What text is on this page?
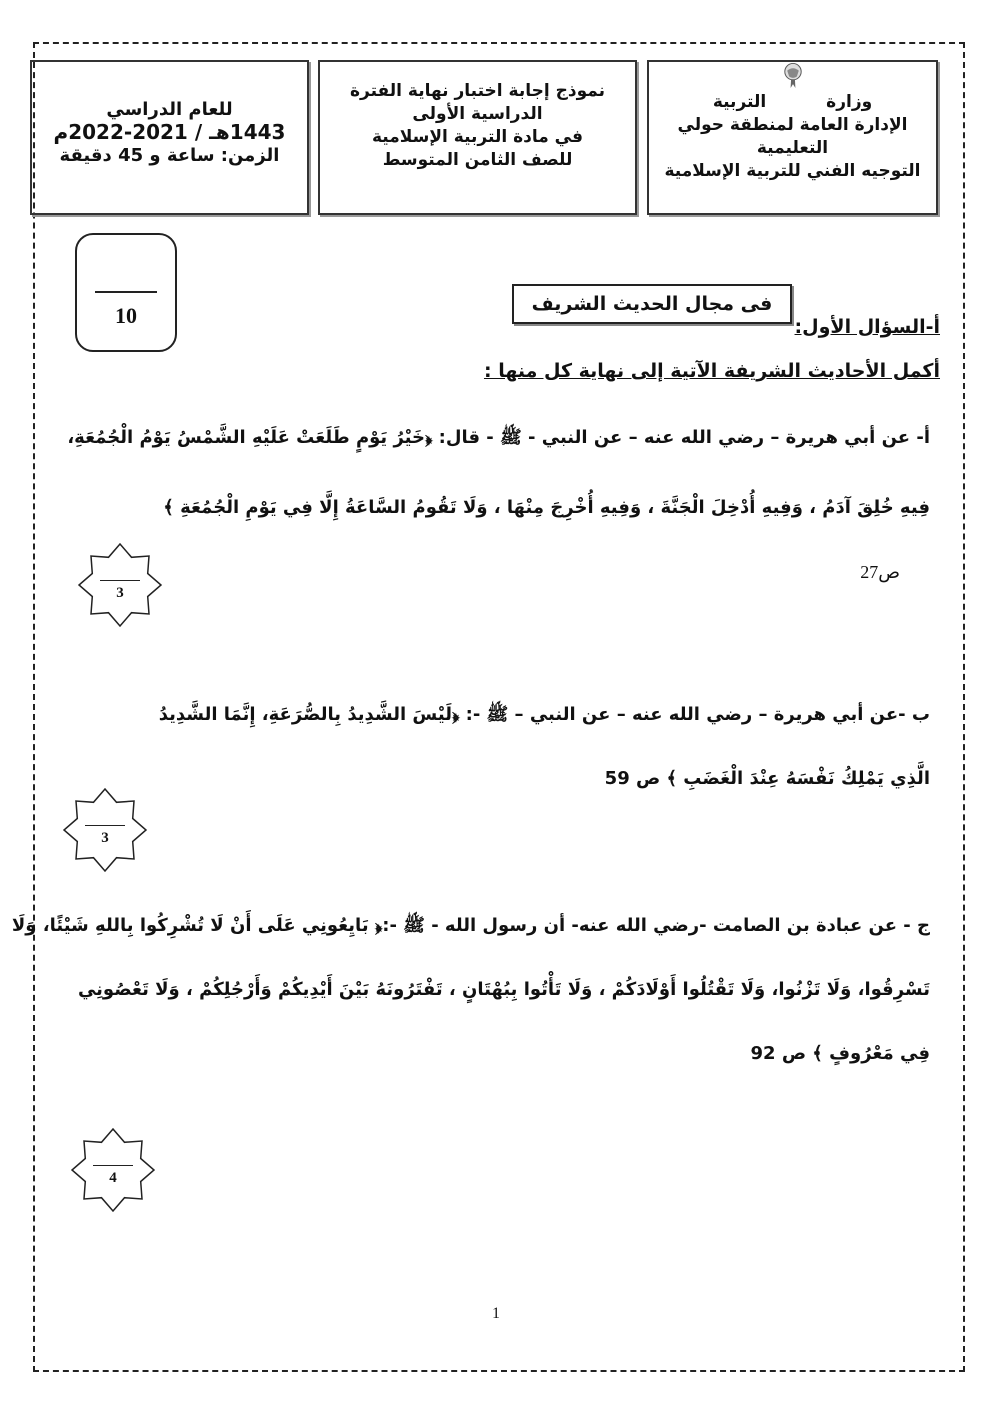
وزارة
التربية
الإدارة العامة لمنطقة حولي التعليمية
التوجيه الفني للتربية الإسلامية
نموذج إجابة اختبار نهاية الفترة
الدراسية الأولى
في مادة التربية الإسلامية
للصف الثامن المتوسط
للعام الدراسي
1443هـ / 2021-2022م
الزمن: ساعة و 45 دقيقة
10	فى مجال الحديث الشريف
أ-السؤال الأول:
أكمل الأحاديث الشريفة الآتية إلى نهاية كل منها :
أ- عن أبي هريرة – رضي الله عنه – عن النبي - ﷺ - قال: ﴿خَيْرُ يَوْمٍ طَلَعَتْ عَلَيْهِ الشَّمْسُ يَوْمُ الْجُمُعَةِ،
فِيهِ خُلِقَ آدَمُ ، وَفِيهِ أُدْخِلَ الْجَنَّةَ ، وَفِيهِ أُخْرِجَ مِنْهَا ، وَلَا تَقُومُ السَّاعَةُ إِلَّا فِي يَوْمِ الْجُمُعَةِ ﴾
ص27
ب -عن أبي هريرة – رضي الله عنه – عن النبي – ﷺ -: ﴿لَيْسَ الشَّدِيدُ بِالصُّرَعَةِ، إِنَّمَا الشَّدِيدُ
الَّذِي يَمْلِكُ نَفْسَهُ عِنْدَ الْغَضَبِ ﴾ ص 59
ج - عن عبادة بن الصامت -رضي الله عنه- أن رسول الله - ﷺ -:﴿ بَايِعُونِي عَلَى أَنْ لَا تُشْرِكُوا بِاللهِ شَيْئًا، وَلَا
تَسْرِقُوا، وَلَا تَزْنُوا، وَلَا تَقْتُلُوا أَوْلَادَكُمْ ، وَلَا تَأْتُوا بِبُهْتَانٍ ، تَفْتَرُونَهُ بَيْنَ أَيْدِيكُمْ وَأَرْجُلِكُمْ ، وَلَا تَعْصُونِي
فِي مَعْرُوفٍ ﴾ ص 92
3
3
4
1
